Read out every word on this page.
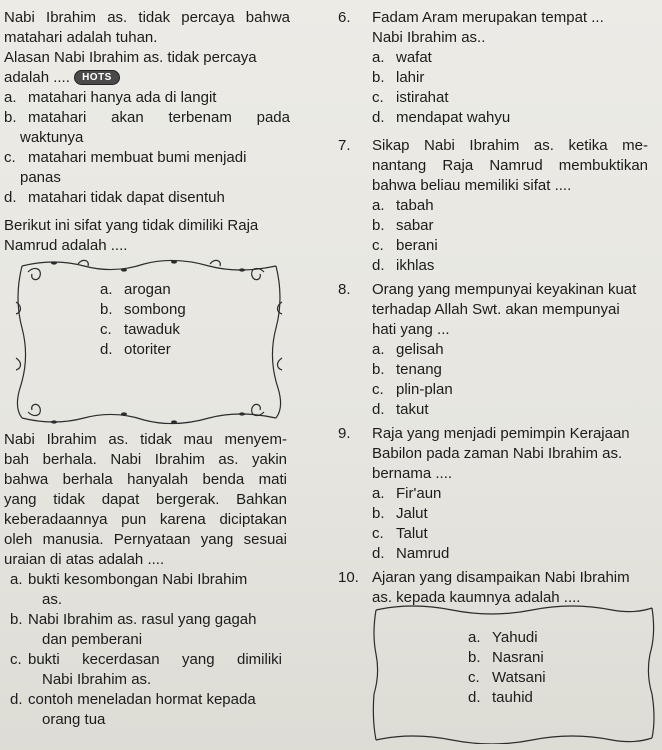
Nabi Ibrahim as. tidak percaya bahwa
matahari adalah tuhan.
Alasan Nabi Ibrahim as. tidak percaya
adalah .... HOTS
a. matahari hanya ada di langit
b. matahari akan terbenam pada
waktunya
c. matahari membuat bumi menjadi
panas
d. matahari tidak dapat disentuh
Berikut ini sifat yang tidak dimiliki Raja
Namrud adalah ....
a. arogan
b. sombong
c. tawaduk
d. otoriter
Nabi Ibrahim as. tidak mau menyem-
bah berhala. Nabi Ibrahim as. yakin
bahwa berhala hanyalah benda mati
yang tidak dapat bergerak. Bahkan
keberadaannya pun karena diciptakan
oleh manusia. Pernyataan yang sesuai
uraian di atas adalah ....
a. bukti kesombongan Nabi Ibrahim
as.
b. Nabi Ibrahim as. rasul yang gagah
dan pemberani
c. bukti kecerdasan yang dimiliki
Nabi Ibrahim as.
d. contoh meneladan hormat kepada
orang tua
6. Fadam Aram merupakan tempat ...
Nabi Ibrahim as..
a. wafat
b. lahir
c. istirahat
d. mendapat wahyu
7. Sikap Nabi Ibrahim as. ketika me-
nantang Raja Namrud membuktikan
bahwa beliau memiliki sifat ....
a. tabah
b. sabar
c. berani
d. ikhlas
8. Orang yang mempunyai keyakinan kuat
terhadap Allah Swt. akan mempunyai
hati yang ...
a. gelisah
b. tenang
c. plin-plan
d. takut
9. Raja yang menjadi pemimpin Kerajaan
Babilon pada zaman Nabi Ibrahim as.
bernama ....
a. Fir'aun
b. Jalut
c. Talut
d. Namrud
10. Ajaran yang disampaikan Nabi Ibrahim
as. kepada kaumnya adalah ....
a. Yahudi
b. Nasrani
c. Watsani
d. tauhid
